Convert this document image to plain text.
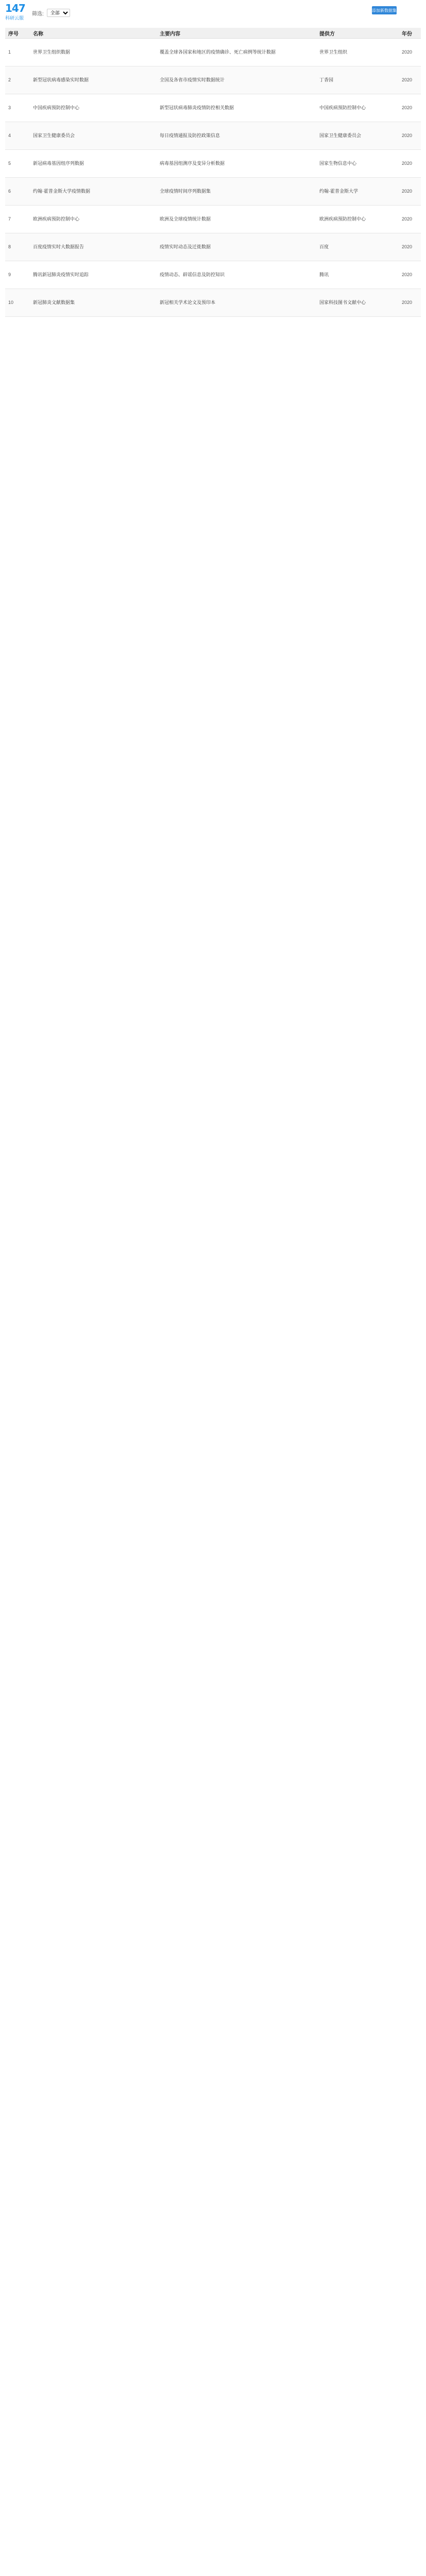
147
科研云服
筛选:
全部
添加新数据集
序号	名称	主要内容	提供方	年份

1	世界卫生组织数据	覆盖全球各国家和地区的疫情确诊、死亡病例等统计数据	世界卫生组织	2020

2	新型冠状病毒感染实时数据	全国及各省市疫情实时数据统计	丁香园	2020

3	中国疾病预防控制中心	新型冠状病毒肺炎疫情防控相关数据	中国疾病预防控制中心	2020

4	国家卫生健康委员会	每日疫情通报及防控政策信息	国家卫生健康委员会	2020

5	新冠病毒基因组序列数据	病毒基因组测序及变异分析数据	国家生物信息中心	2020

6	约翰·霍普金斯大学疫情数据	全球疫情时间序列数据集	约翰·霍普金斯大学	2020

7	欧洲疾病预防控制中心	欧洲及全球疫情统计数据	欧洲疾病预防控制中心	2020

8	百度疫情实时大数据报告	疫情实时动态及迁徙数据	百度	2020

9	腾讯新冠肺炎疫情实时追踪	疫情动态、辟谣信息及防控知识	腾讯	2020

10	新冠肺炎文献数据集	新冠相关学术论文及预印本	国家科技图书文献中心	2020
